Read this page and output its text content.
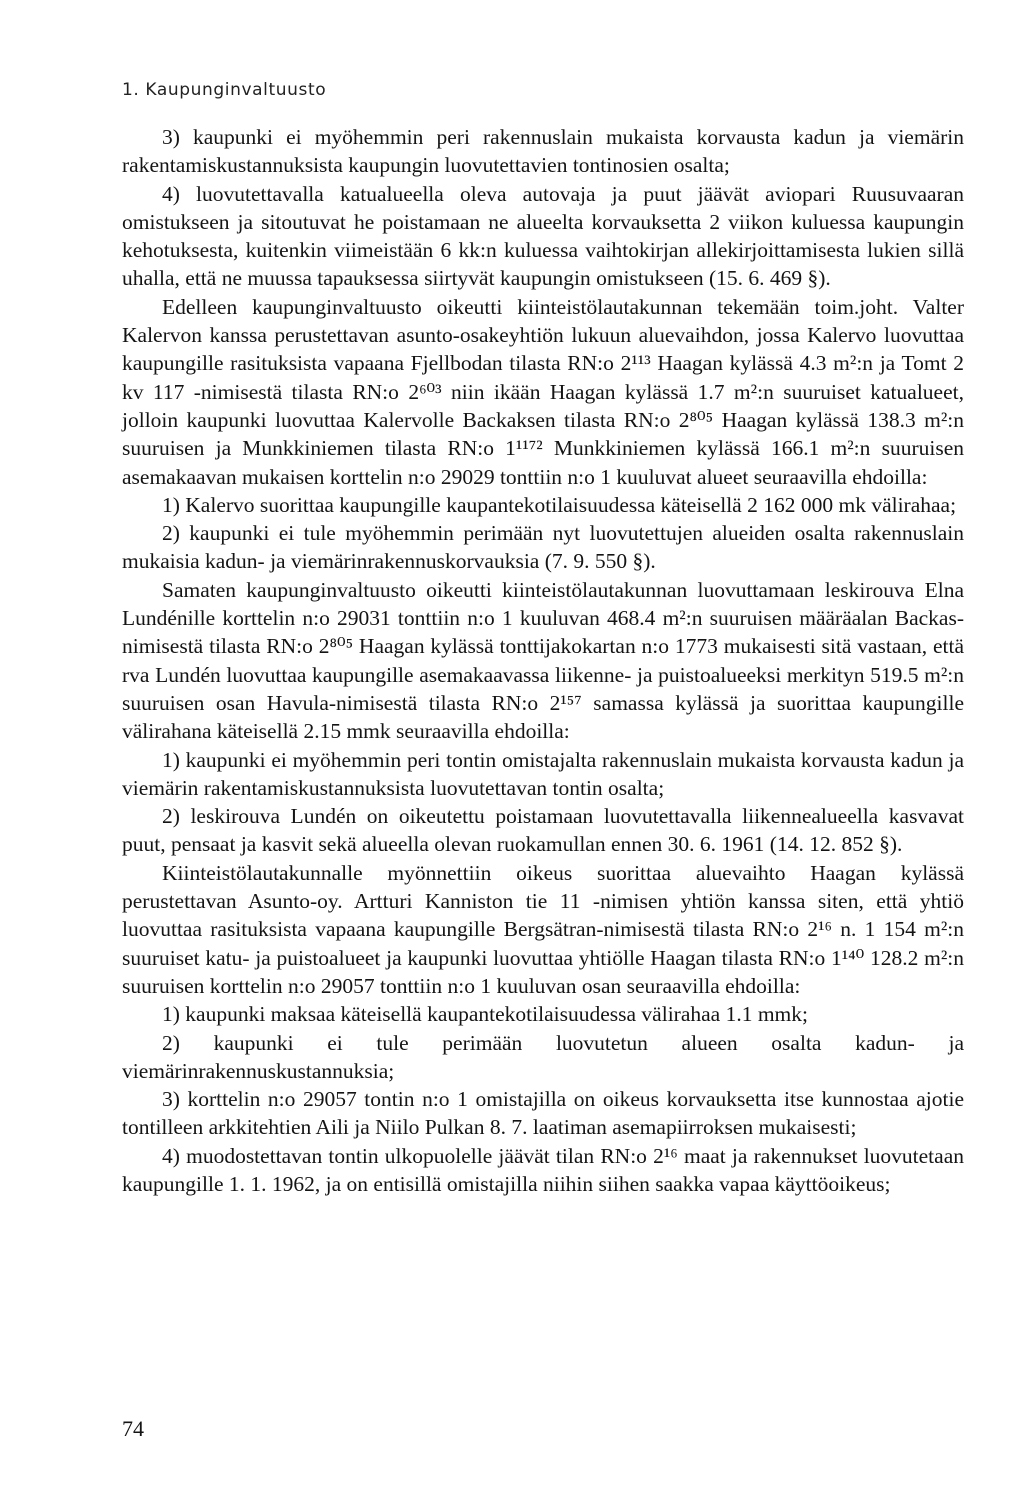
1. Kaupunginvaltuusto

3) kaupunki ei myöhemmin peri rakennuslain mukaista korvausta kadun ja viemärin rakentamiskustannuksista kaupungin luovutettavien tontinosien osalta;

4) luovutettavalla katualueella oleva autovaja ja puut jäävät aviopari Ruusuvaaran omistukseen ja sitoutuvat he poistamaan ne alueelta korvauksetta 2 viikon kuluessa kaupungin kehotuksesta, kuitenkin viimeistään 6 kk:n kuluessa vaihtokirjan allekirjoittamisesta lukien sillä uhalla, että ne muussa tapauksessa siirtyvät kaupungin omistukseen (15. 6. 469 §).

Edelleen kaupunginvaltuusto oikeutti kiinteistölautakunnan tekemään toim.joht. Valter Kalervon kanssa perustettavan asunto-osakeyhtiön lukuun aluevaihdon, jossa Kalervo luovuttaa kaupungille rasituksista vapaana Fjellbodan tilasta RN:o 2¹¹³ Haagan kylässä 4.3 m²:n ja Tomt 2 kv 117 -nimisestä tilasta RN:o 2⁶⁰³ niin ikään Haagan kylässä 1.7 m²:n suuruiset katualueet, jolloin kaupunki luovuttaa Kalervolle Backaksen tilasta RN:o 2⁸⁰⁵ Haagan kylässä 138.3 m²:n suuruisen ja Munkkiniemen tilasta RN:o 1¹¹⁷² Munkkiniemen kylässä 166.1 m²:n suuruisen asemakaavan mukaisen korttelin n:o 29029 tonttiin n:o 1 kuuluvat alueet seuraavilla ehdoilla:

1) Kalervo suorittaa kaupungille kaupantekotilaisuudessa käteisellä 2 162 000 mk välirahaa;

2) kaupunki ei tule myöhemmin perimään nyt luovutettujen alueiden osalta rakennuslain mukaisia kadun- ja viemärinrakennuskorvauksia (7. 9. 550 §).

Samaten kaupunginvaltuusto oikeutti kiinteistölautakunnan luovuttamaan leskirouva Elna Lundénille korttelin n:o 29031 tonttiin n:o 1 kuuluvan 468.4 m²:n suuruisen määräalan Backas-nimisestä tilasta RN:o 2⁸⁰⁵ Haagan kylässä tonttijakokartan n:o 1773 mukaisesti sitä vastaan, että rva Lundén luovuttaa kaupungille asemakaavassa liikenne- ja puistoalueeksi merkityn 519.5 m²:n suuruisen osan Havula-nimisestä tilasta RN:o 2¹⁵⁷ samassa kylässä ja suorittaa kaupungille välirahana käteisellä 2.15 mmk seuraavilla ehdoilla:

1) kaupunki ei myöhemmin peri tontin omistajalta rakennuslain mukaista korvausta kadun ja viemärin rakentamiskustannuksista luovutettavan tontin osalta;

2) leskirouva Lundén on oikeutettu poistamaan luovutettavalla liikennealueella kasvavat puut, pensaat ja kasvit sekä alueella olevan ruokamullan ennen 30. 6. 1961 (14. 12. 852 §).

Kiinteistölautakunnalle myönnettiin oikeus suorittaa aluevaihto Haagan kylässä perustettavan Asunto-oy. Artturi Kanniston tie 11 -nimisen yhtiön kanssa siten, että yhtiö luovuttaa rasituksista vapaana kaupungille Bergsätran-nimisestä tilasta RN:o 2¹⁶ n. 1 154 m²:n suuruiset katu- ja puistoalueet ja kaupunki luovuttaa yhtiölle Haagan tilasta RN:o 1¹⁴⁰ 128.2 m²:n suuruisen korttelin n:o 29057 tonttiin n:o 1 kuuluvan osan seuraavilla ehdoilla:

1) kaupunki maksaa käteisellä kaupantekotilaisuudessa välirahaa 1.1 mmk;

2) kaupunki ei tule perimään luovutetun alueen osalta kadun- ja viemärinrakennuskustannuksia;

3) korttelin n:o 29057 tontin n:o 1 omistajilla on oikeus korvauksetta itse kunnostaa ajotie tontilleen arkkitehtien Aili ja Niilo Pulkan 8. 7. laatiman asemapiirroksen mukaisesti;

4) muodostettavan tontin ulkopuolelle jäävät tilan RN:o 2¹⁶ maat ja rakennukset luovutetaan kaupungille 1. 1. 1962, ja on entisillä omistajilla niihin siihen saakka vapaa käyttöoikeus;

74
